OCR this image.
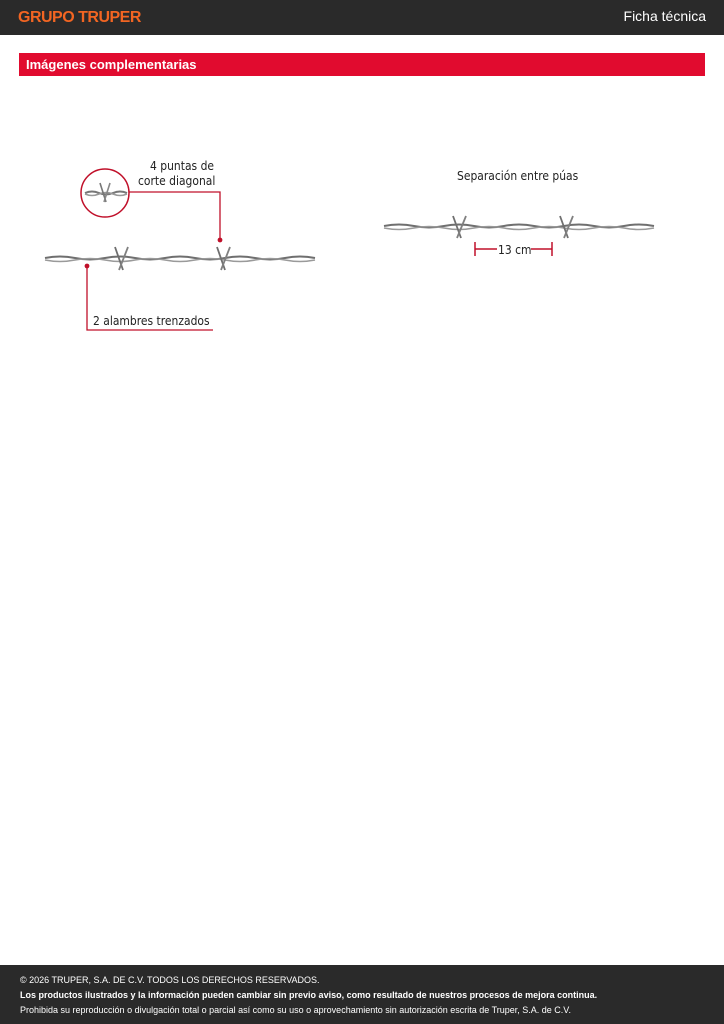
GRUPO TRUPER	Ficha técnica
Imágenes complementarias
4 puntas de
corte diagonal
2 alambres trenzados
Separación entre púas
13 cm

© 2026 TRUPER, S.A. DE C.V. TODOS LOS DERECHOS RESERVADOS.

Los productos ilustrados y la información pueden cambiar sin previo aviso, como resultado de nuestros procesos de mejora continua.

Prohibida su reproducción o divulgación total o parcial así como su uso o aprovechamiento sin autorización escrita de Truper, S.A. de C.V.
